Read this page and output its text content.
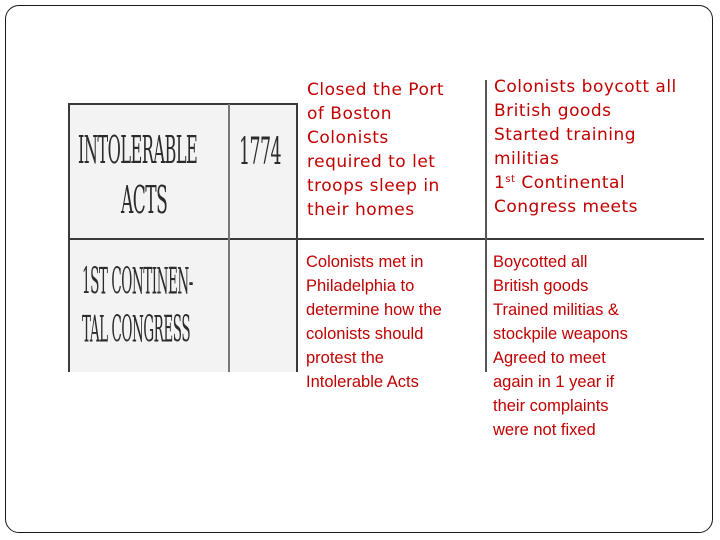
INTOLERABLE
ACTS
1774
1ST CONTINEN-
TAL CONGRESS
Closed the Port
of Boston
Colonists
required to let
troops sleep in
their homes
Colonists boycott all
British goods
Started training
militias
1st Continental
Congress meets
Colonists met in
Philadelphia to
determine how the
colonists should
protest the
Intolerable Acts
Boycotted all
British goods
Trained militias &
stockpile weapons
Agreed to meet
again in 1 year if
their complaints
were not fixed
